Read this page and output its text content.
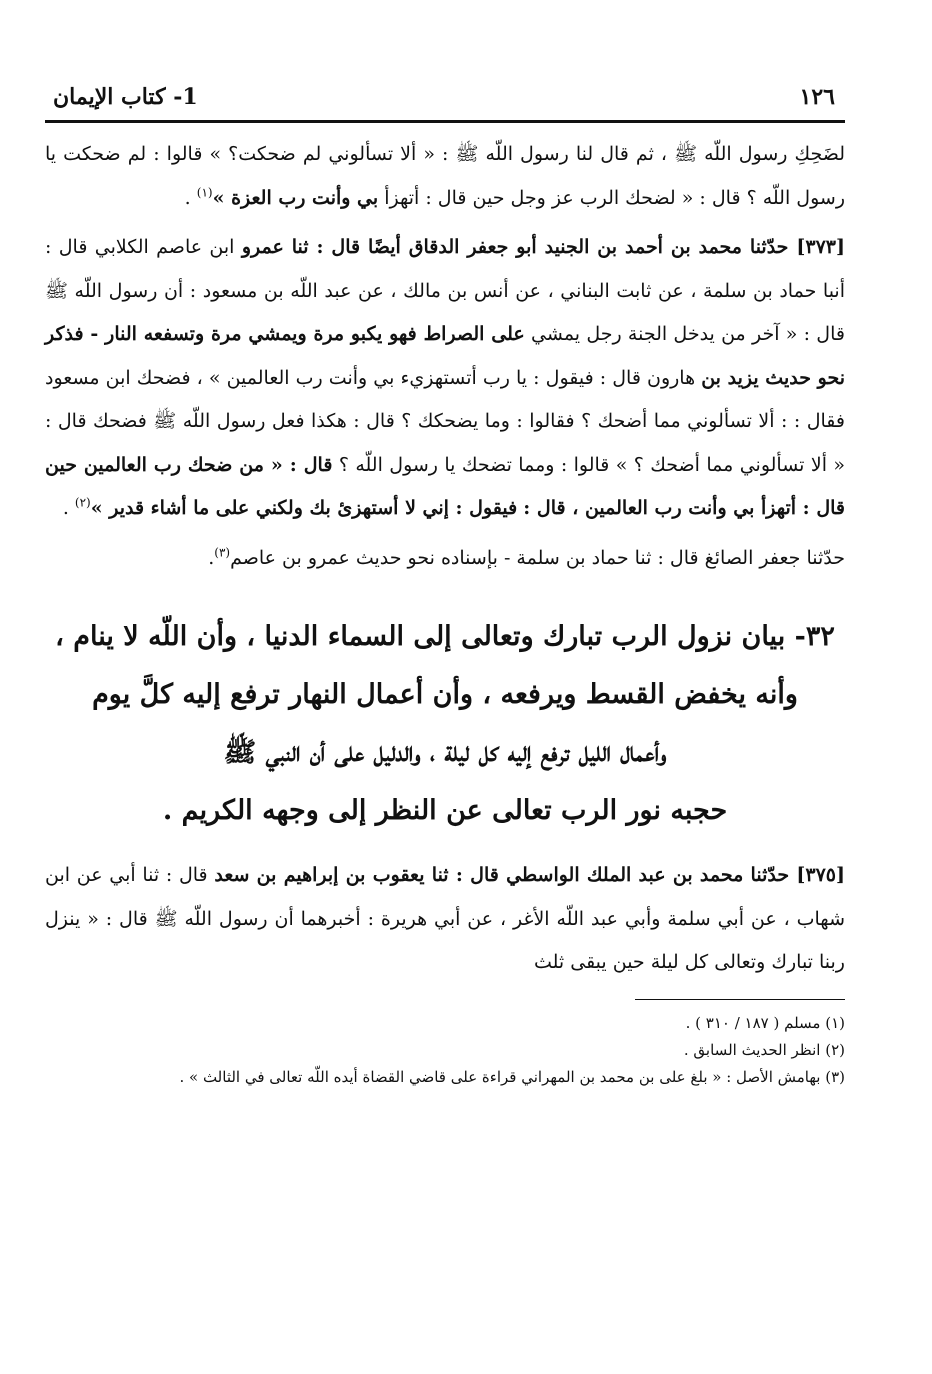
١٢٦
1- كتاب الإيمان

لضَحِكِ رسول اللّه ﷺ ، ثم قال لنا رسول اللّه ﷺ : « ألا تسألوني لم ضحكت؟ » قالوا : لم ضحكت يا رسول اللّه ؟ قال : « لضحك الرب عز وجل حين قال : أتهزأ بي وأنت رب العزة »$^{(١)}$ .

[٣٧٣] حدّثنا محمد بن أحمد بن الجنيد أبو جعفر الدقاق أيضًا قال : ثنا عمرو ابن عاصم الكلابي قال : أنبا حماد بن سلمة ، عن ثابت البناني ، عن أنس بن مالك ، عن عبد اللّه بن مسعود : أن رسول اللّه ﷺ قال : « آخر من يدخل الجنة رجل يمشي على الصراط فهو يكبو مرة ويمشي مرة وتسفعه النار - فذكر نحو حديث يزيد بن هارون قال : فيقول : يا رب أتستهزيء بي وأنت رب العالمين » ، فضحك ابن مسعود فقال : : ألا تسألوني مما أضحك ؟ فقالوا : وما يضحكك ؟ قال : هكذا فعل رسول اللّه ﷺ فضحك قال : « ألا تسألوني مما أضحك ؟ » قالوا : ومما تضحك يا رسول اللّه ؟ قال : « من ضحك رب العالمين حين قال : أتهزأ بي وأنت رب العالمين ، قال : فيقول : إني لا أستهزئ بك ولكني على ما أشاء قدير »$^{(٢)}$ .

حدّثنا جعفر الصائغ قال : ثنا حماد بن سلمة - بإسناده نحو حديث عمرو بن عاصم$^{(٣)}$.

٣٢- بيان نزول الرب تبارك وتعالى إلى السماء الدنيا ، وأن اللّه لا ينام ،
وأنه يخفض القسط ويرفعه ، وأن أعمال النهار ترفع إليه كلَّ يوم
وأعمال الليل ترفع إليه كل ليلة ، والدليل على أن النبي ﷺ
حجبه نور الرب تعالى عن النظر إلى وجهه الكريم .

[٣٧٥] حدّثنا محمد بن عبد الملك الواسطي قال : ثنا يعقوب بن إبراهيم بن سعد قال : ثنا أبي عن ابن شهاب ، عن أبي سلمة وأبي عبد اللّه الأغر ، عن أبي هريرة : أخبرهما أن رسول اللّه ﷺ قال : « ينزل ربنا تبارك وتعالى كل ليلة حين يبقى ثلث

(١) مسلم ( ١٨٧ / ٣١٠ ) .

(٢) انظر الحديث السابق .

(٣) بهامش الأصل : « بلغ على بن محمد بن المهراني قراءة على قاضي القضاة أيده اللّه تعالى في الثالث » .
